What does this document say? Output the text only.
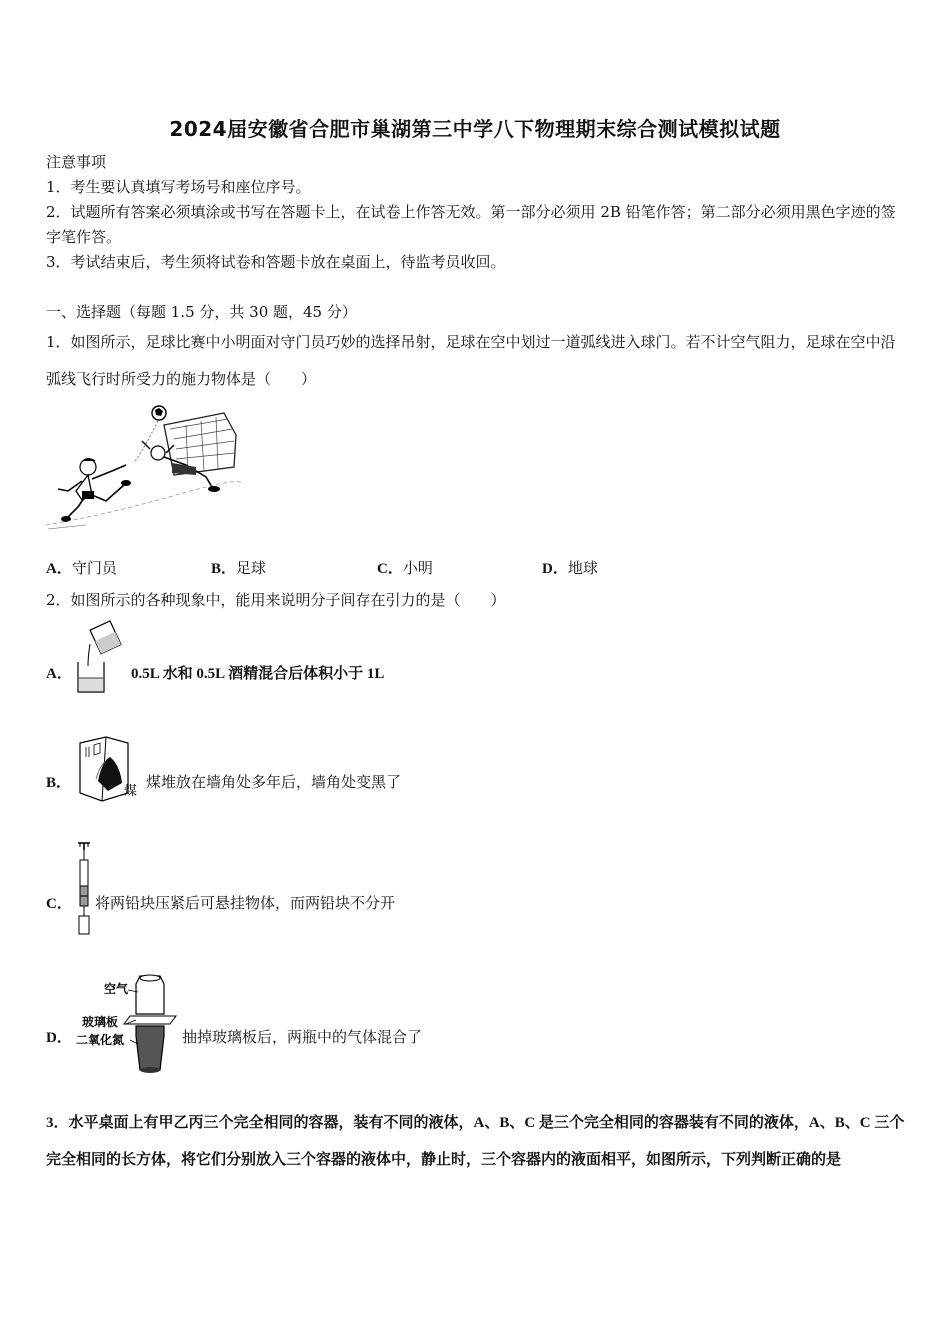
2024届安徽省合肥市巢湖第三中学八下物理期末综合测试模拟试题
注意事项
1．考生要认真填写考场号和座位序号。
2．试题所有答案必须填涂或书写在答题卡上，在试卷上作答无效。第一部分必须用 2B 铅笔作答；第二部分必须用黑色字迹的签字笔作答。
3．考试结束后，考生须将试卷和答题卡放在桌面上，待监考员收回。
一、选择题（每题 1.5 分，共 30 题，45 分）
1．如图所示，足球比赛中小明面对守门员巧妙的选择吊射，足球在空中划过一道弧线进入球门。若不计空气阻力，足球在空中沿弧线飞行时所受力的施力物体是（　　）
A．守门员	B．足球	C．小明	D．地球
2．如图所示的各种现象中，能用来说明分子间存在引力的是（　　）
A．	0.5L 水和 0.5L 酒精混合后体积小于 1L
B．
煤
煤堆放在墙角处多年后，墙角处变黑了
C． 将两铅块压紧后可悬挂物体，而两铅块不分开
D．
空气
玻璃板
二氧化氮	抽掉玻璃板后，两瓶中的气体混合了
3．水平桌面上有甲乙丙三个完全相同的容器，装有不同的液体，A、B、C 是三个完全相同的容器装有不同的液体，A、B、C 三个完全相同的长方体，将它们分别放入三个容器的液体中，静止时，三个容器内的液面相平，如图所示，下列判断正确的是
